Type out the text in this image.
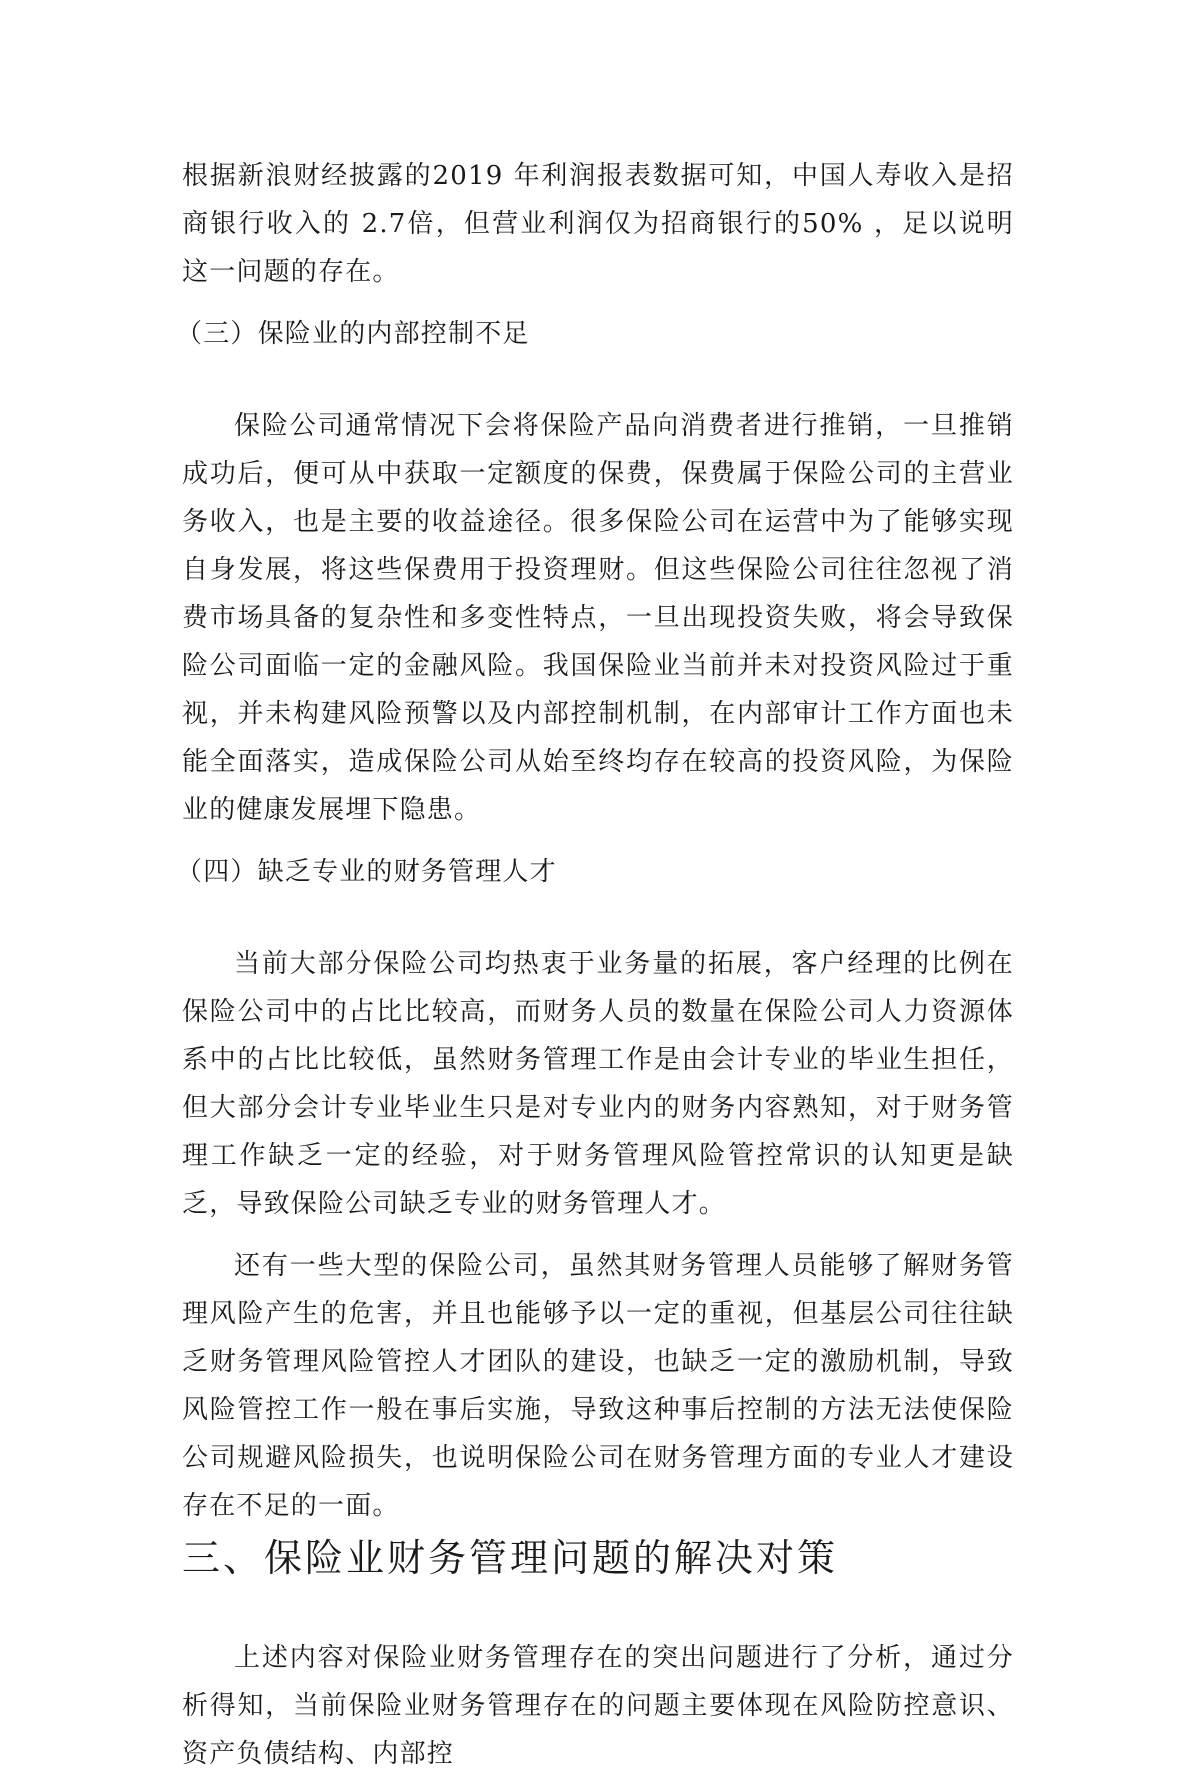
根据新浪财经披露的2019 年利润报表数据可知，中国人寿收入是招商银行收入的 2.7倍，但营业利润仅为招商银行的50% ，足以说明这一问题的存在。

（三）保险业的内部控制不足

保险公司通常情况下会将保险产品向消费者进行推销，一旦推销成功后，便可从中获取一定额度的保费，保费属于保险公司的主营业务收入，也是主要的收益途径。很多保险公司在运营中为了能够实现自身发展，将这些保费用于投资理财。但这些保险公司往往忽视了消费市场具备的复杂性和多变性特点，一旦出现投资失败，将会导致保险公司面临一定的金融风险。我国保险业当前并未对投资风险过于重视，并未构建风险预警以及内部控制机制，在内部审计工作方面也未能全面落实，造成保险公司从始至终均存在较高的投资风险，为保险业的健康发展埋下隐患。

（四）缺乏专业的财务管理人才

当前大部分保险公司均热衷于业务量的拓展，客户经理的比例在保险公司中的占比比较高，而财务人员的数量在保险公司人力资源体系中的占比比较低，虽然财务管理工作是由会计专业的毕业生担任，但大部分会计专业毕业生只是对专业内的财务内容熟知，对于财务管理工作缺乏一定的经验，对于财务管理风险管控常识的认知更是缺乏，导致保险公司缺乏专业的财务管理人才。

还有一些大型的保险公司，虽然其财务管理人员能够了解财务管理风险产生的危害，并且也能够予以一定的重视，但基层公司往往缺乏财务管理风险管控人才团队的建设，也缺乏一定的激励机制，导致风险管控工作一般在事后实施，导致这种事后控制的方法无法使保险公司规避风险损失，也说明保险公司在财务管理方面的专业人才建设存在不足的一面。

三、保险业财务管理问题的解决对策

上述内容对保险业财务管理存在的突出问题进行了分析，通过分析得知，当前保险业财务管理存在的问题主要体现在风险防控意识、资产负债结构、内部控
